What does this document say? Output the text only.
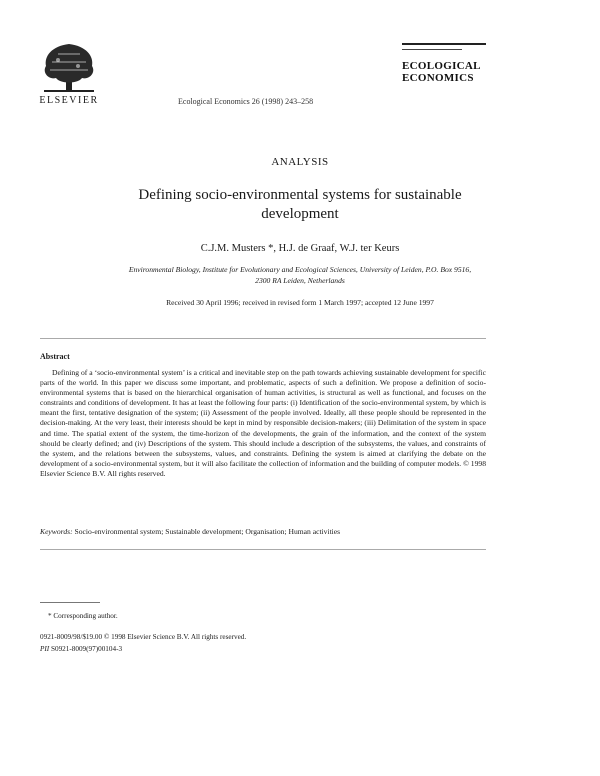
ELSEVIER	Ecological Economics 26 (1998) 243–258
ECOLOGICAL
ECONOMICS
ANALYSIS
Defining socio-environmental systems for sustainable
development
C.J.M. Musters *, H.J. de Graaf, W.J. ter Keurs
Environmental Biology, Institute for Evolutionary and Ecological Sciences, University of Leiden, P.O. Box 9516,
2300 RA Leiden, Netherlands
Received 30 April 1996; received in revised form 1 March 1997; accepted 12 June 1997
Abstract
Defining of a ‘socio-environmental system’ is a critical and inevitable step on the path towards achieving sustainable development for specific parts of the world. In this paper we discuss some important, and problematic, aspects of such a definition. We propose a definition of socio-environmental systems that is based on the hierarchical organisation of human activities, is structural as well as functional, and focuses on the constraints and conditions of development. It has at least the following four parts: (i) Identification of the socio-environmental system, by which is meant the first, tentative designation of the system; (ii) Assessment of the people involved. Ideally, all these people should be represented in the decision-making. At the very least, their interests should be kept in mind by responsible decision-makers; (iii) Delimitation of the system in space and time. The spatial extent of the system, the time-horizon of the developments, the grain of the information, and the context of the system should be clearly defined; and (iv) Descriptions of the system. This should include a description of the subsystems, the values, and constraints of the system, and the relations between the subsystems, values, and constraints. Defining the system is aimed at clarifying the debate on the development of a socio-environmental system, but it will also facilitate the collection of information and the building of computer models. © 1998 Elsevier Science B.V. All rights reserved.
Keywords: Socio-environmental system; Sustainable development; Organisation; Human activities
* Corresponding author.
0921-8009/98/$19.00 © 1998 Elsevier Science B.V. All rights reserved.
PII S0921-8009(97)00104-3
